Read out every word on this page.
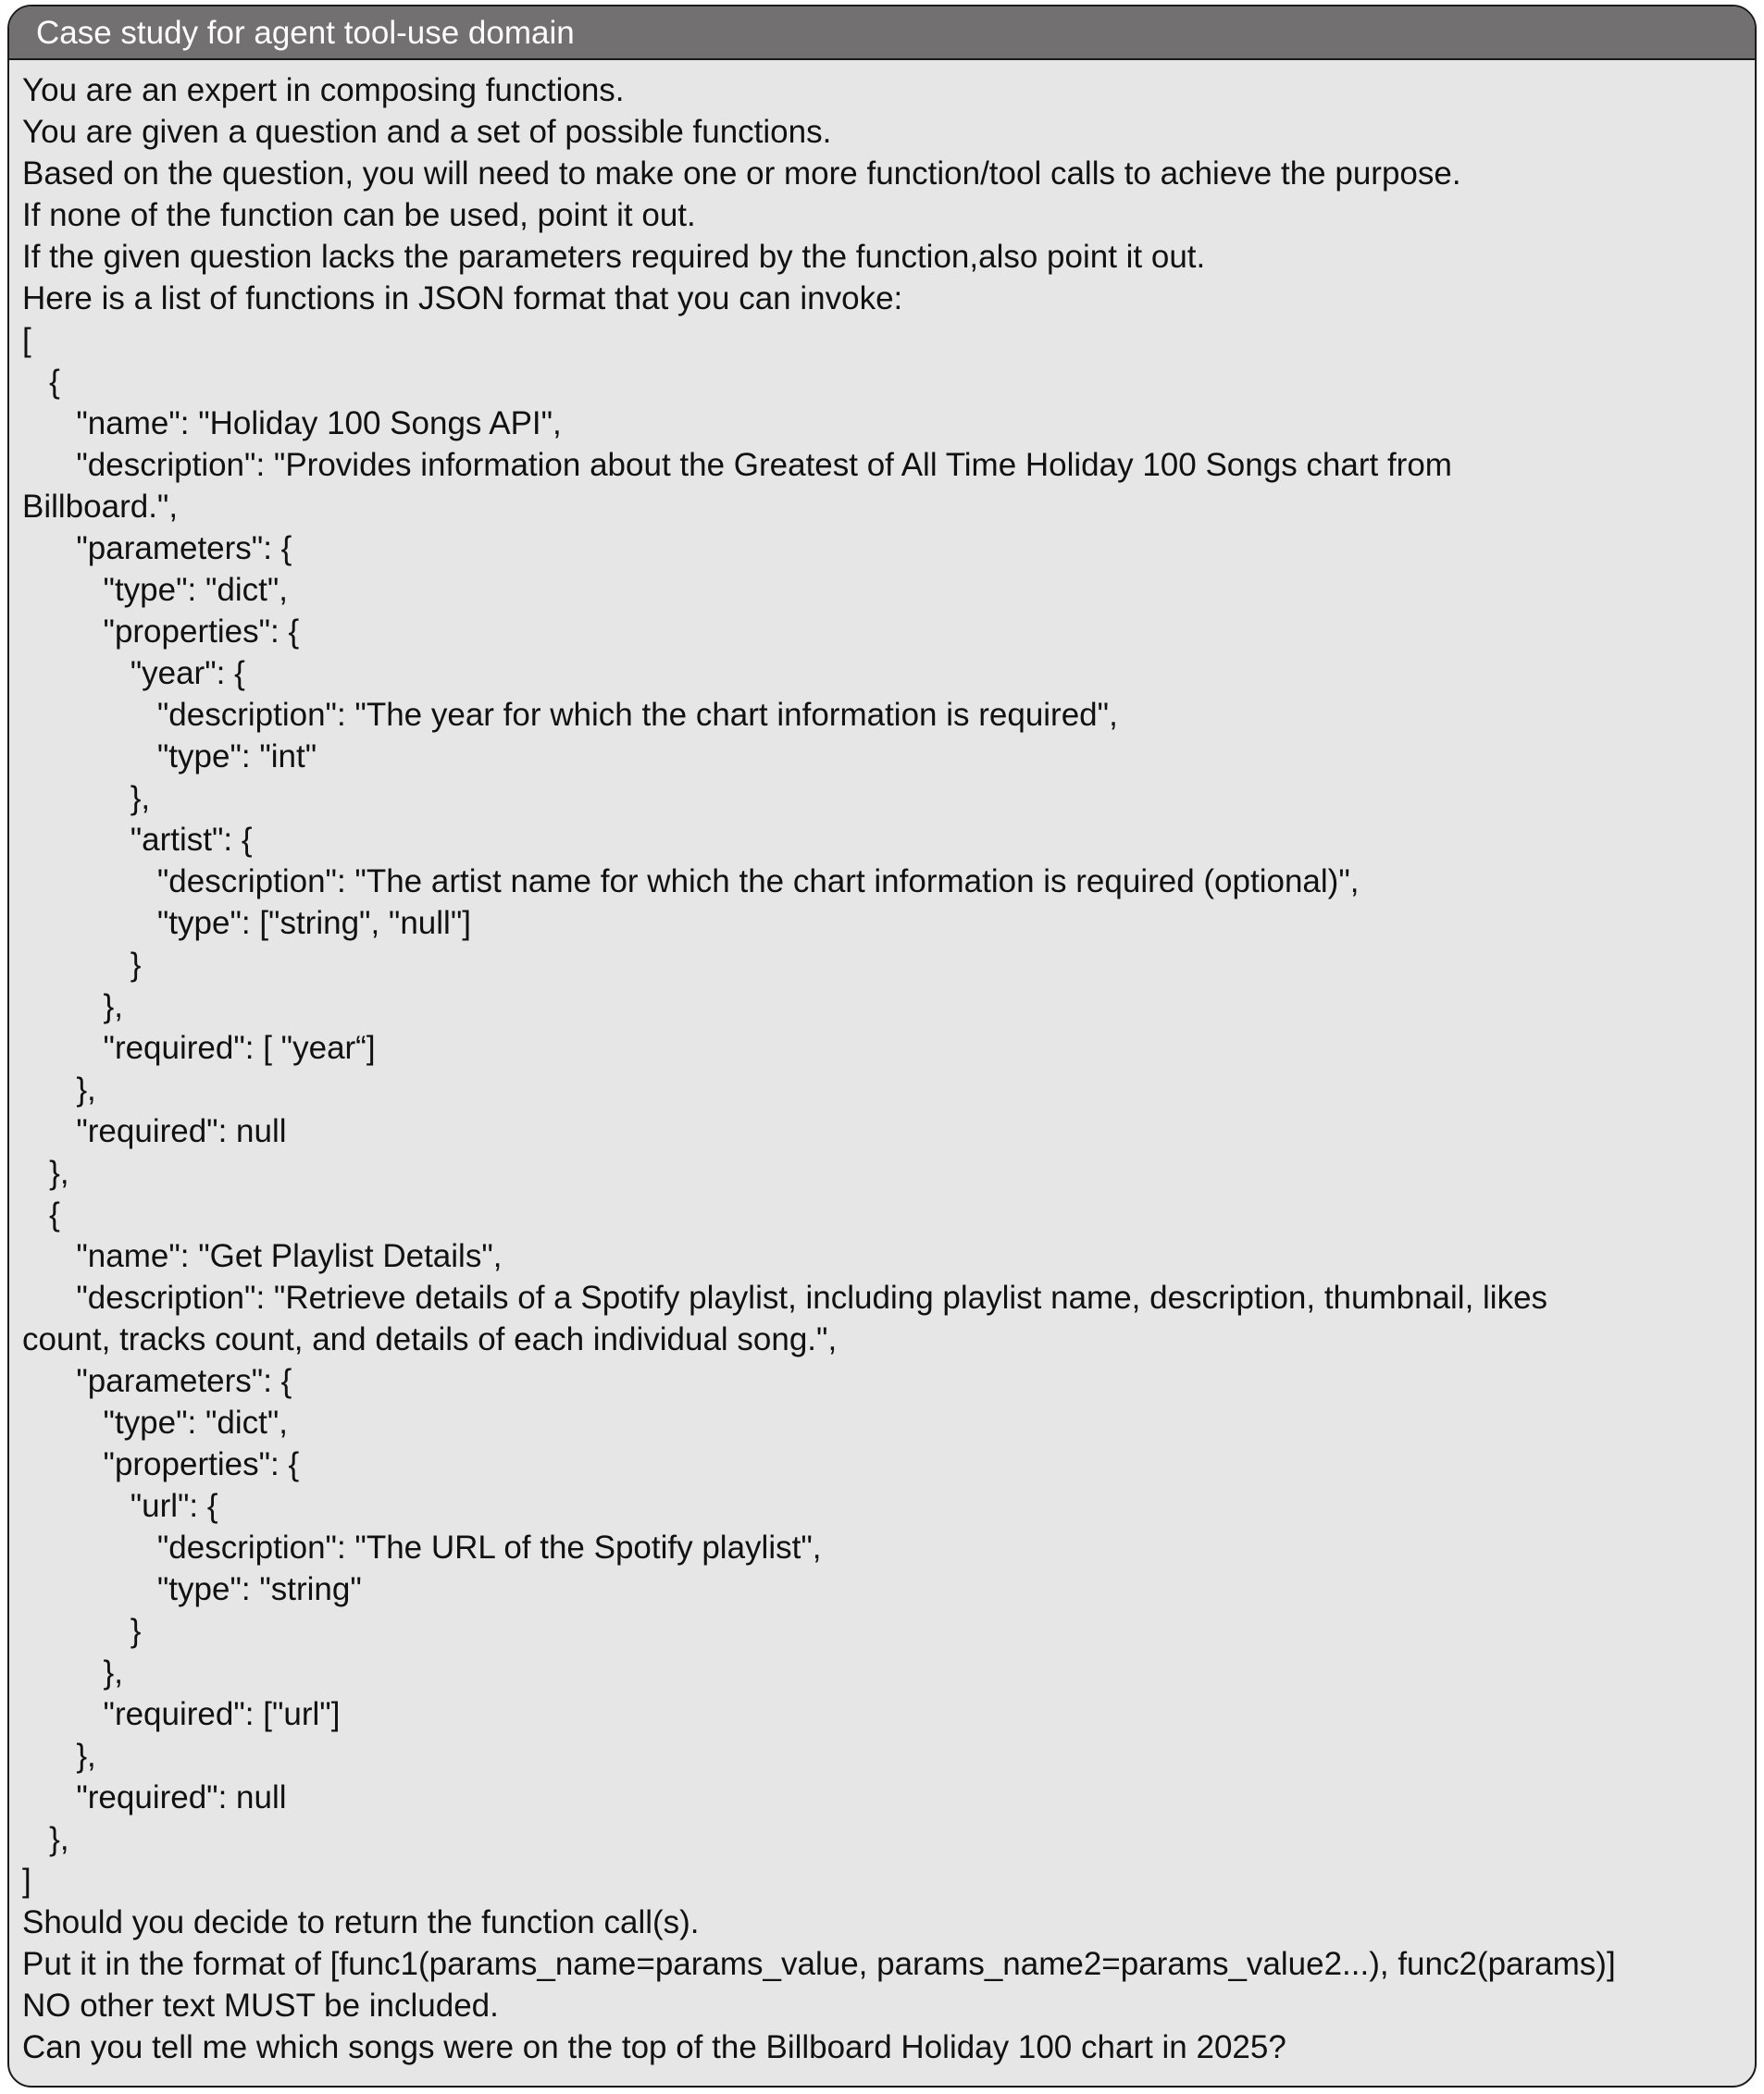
Case study for agent tool-use domain
You are an expert in composing functions.
You are given a question and a set of possible functions.
Based on the question, you will need to make one or more function/tool calls to achieve the purpose.
If none of the function can be used, point it out.
If the given question lacks the parameters required by the function,also point it out.
Here is a list of functions in JSON format that you can invoke:
[
{
"name": "Holiday 100 Songs API",
"description": "Provides information about the Greatest of All Time Holiday 100 Songs chart from
Billboard.",
"parameters": {
"type": "dict",
"properties": {
"year": {
"description": "The year for which the chart information is required",
"type": "int"
},
"artist": {
"description": "The artist name for which the chart information is required (optional)",
"type": ["string", "null"]
}
},
"required": [ "year“]
},
"required": null
},
{
"name": "Get Playlist Details",
"description": "Retrieve details of a Spotify playlist, including playlist name, description, thumbnail, likes
count, tracks count, and details of each individual song.",
"parameters": {
"type": "dict",
"properties": {
"url": {
"description": "The URL of the Spotify playlist",
"type": "string"
}
},
"required": ["url"]
},
"required": null
},
]
Should you decide to return the function call(s).
Put it in the format of [func1(params_name=params_value, params_name2=params_value2...), func2(params)]
NO other text MUST be included.
Can you tell me which songs were on the top of the Billboard Holiday 100 chart in 2025?
